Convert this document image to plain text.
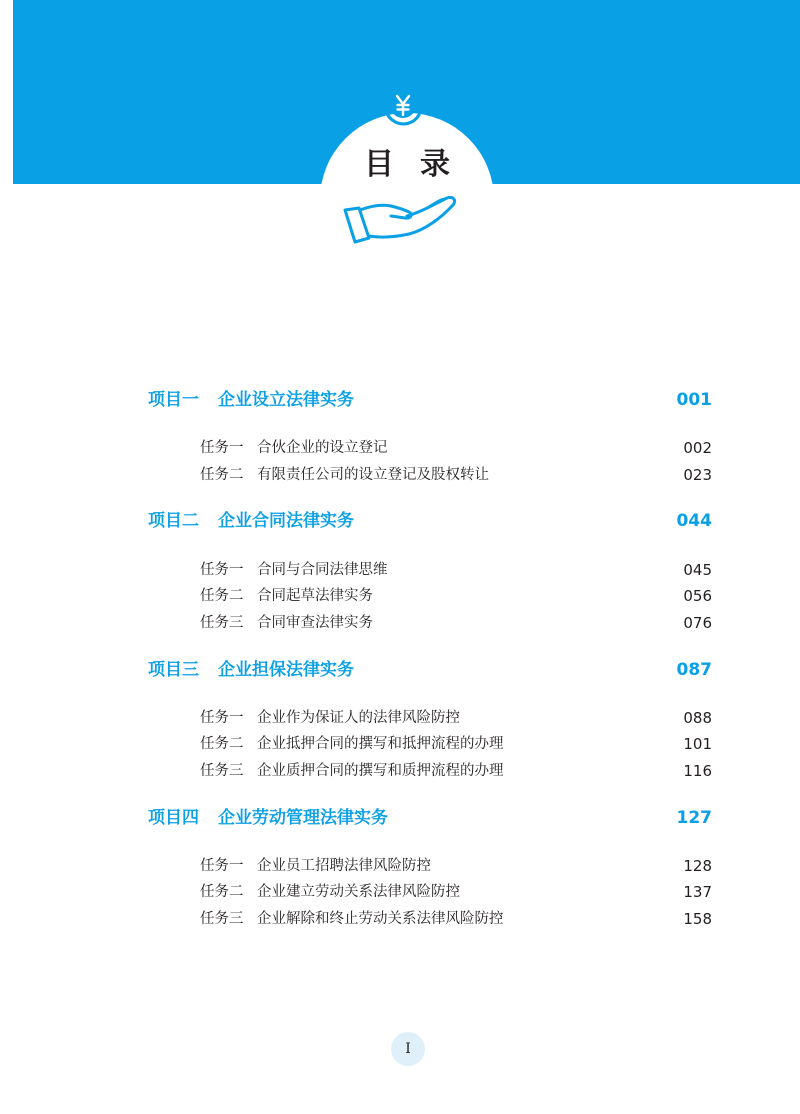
目录
项目一 企业设立法律实务	001
任务一 合伙企业的设立登记	002
任务二 有限责任公司的设立登记及股权转让	023
项目二 企业合同法律实务	044
任务一 合同与合同法律思维	045
任务二 合同起草法律实务	056
任务三 合同审查法律实务	076
项目三 企业担保法律实务	087
任务一 企业作为保证人的法律风险防控	088
任务二 企业抵押合同的撰写和抵押流程的办理	101
任务三 企业质押合同的撰写和质押流程的办理	116
项目四 企业劳动管理法律实务	127
任务一 企业员工招聘法律风险防控	128
任务二 企业建立劳动关系法律风险防控	137
任务三 企业解除和终止劳动关系法律风险防控	158
I
